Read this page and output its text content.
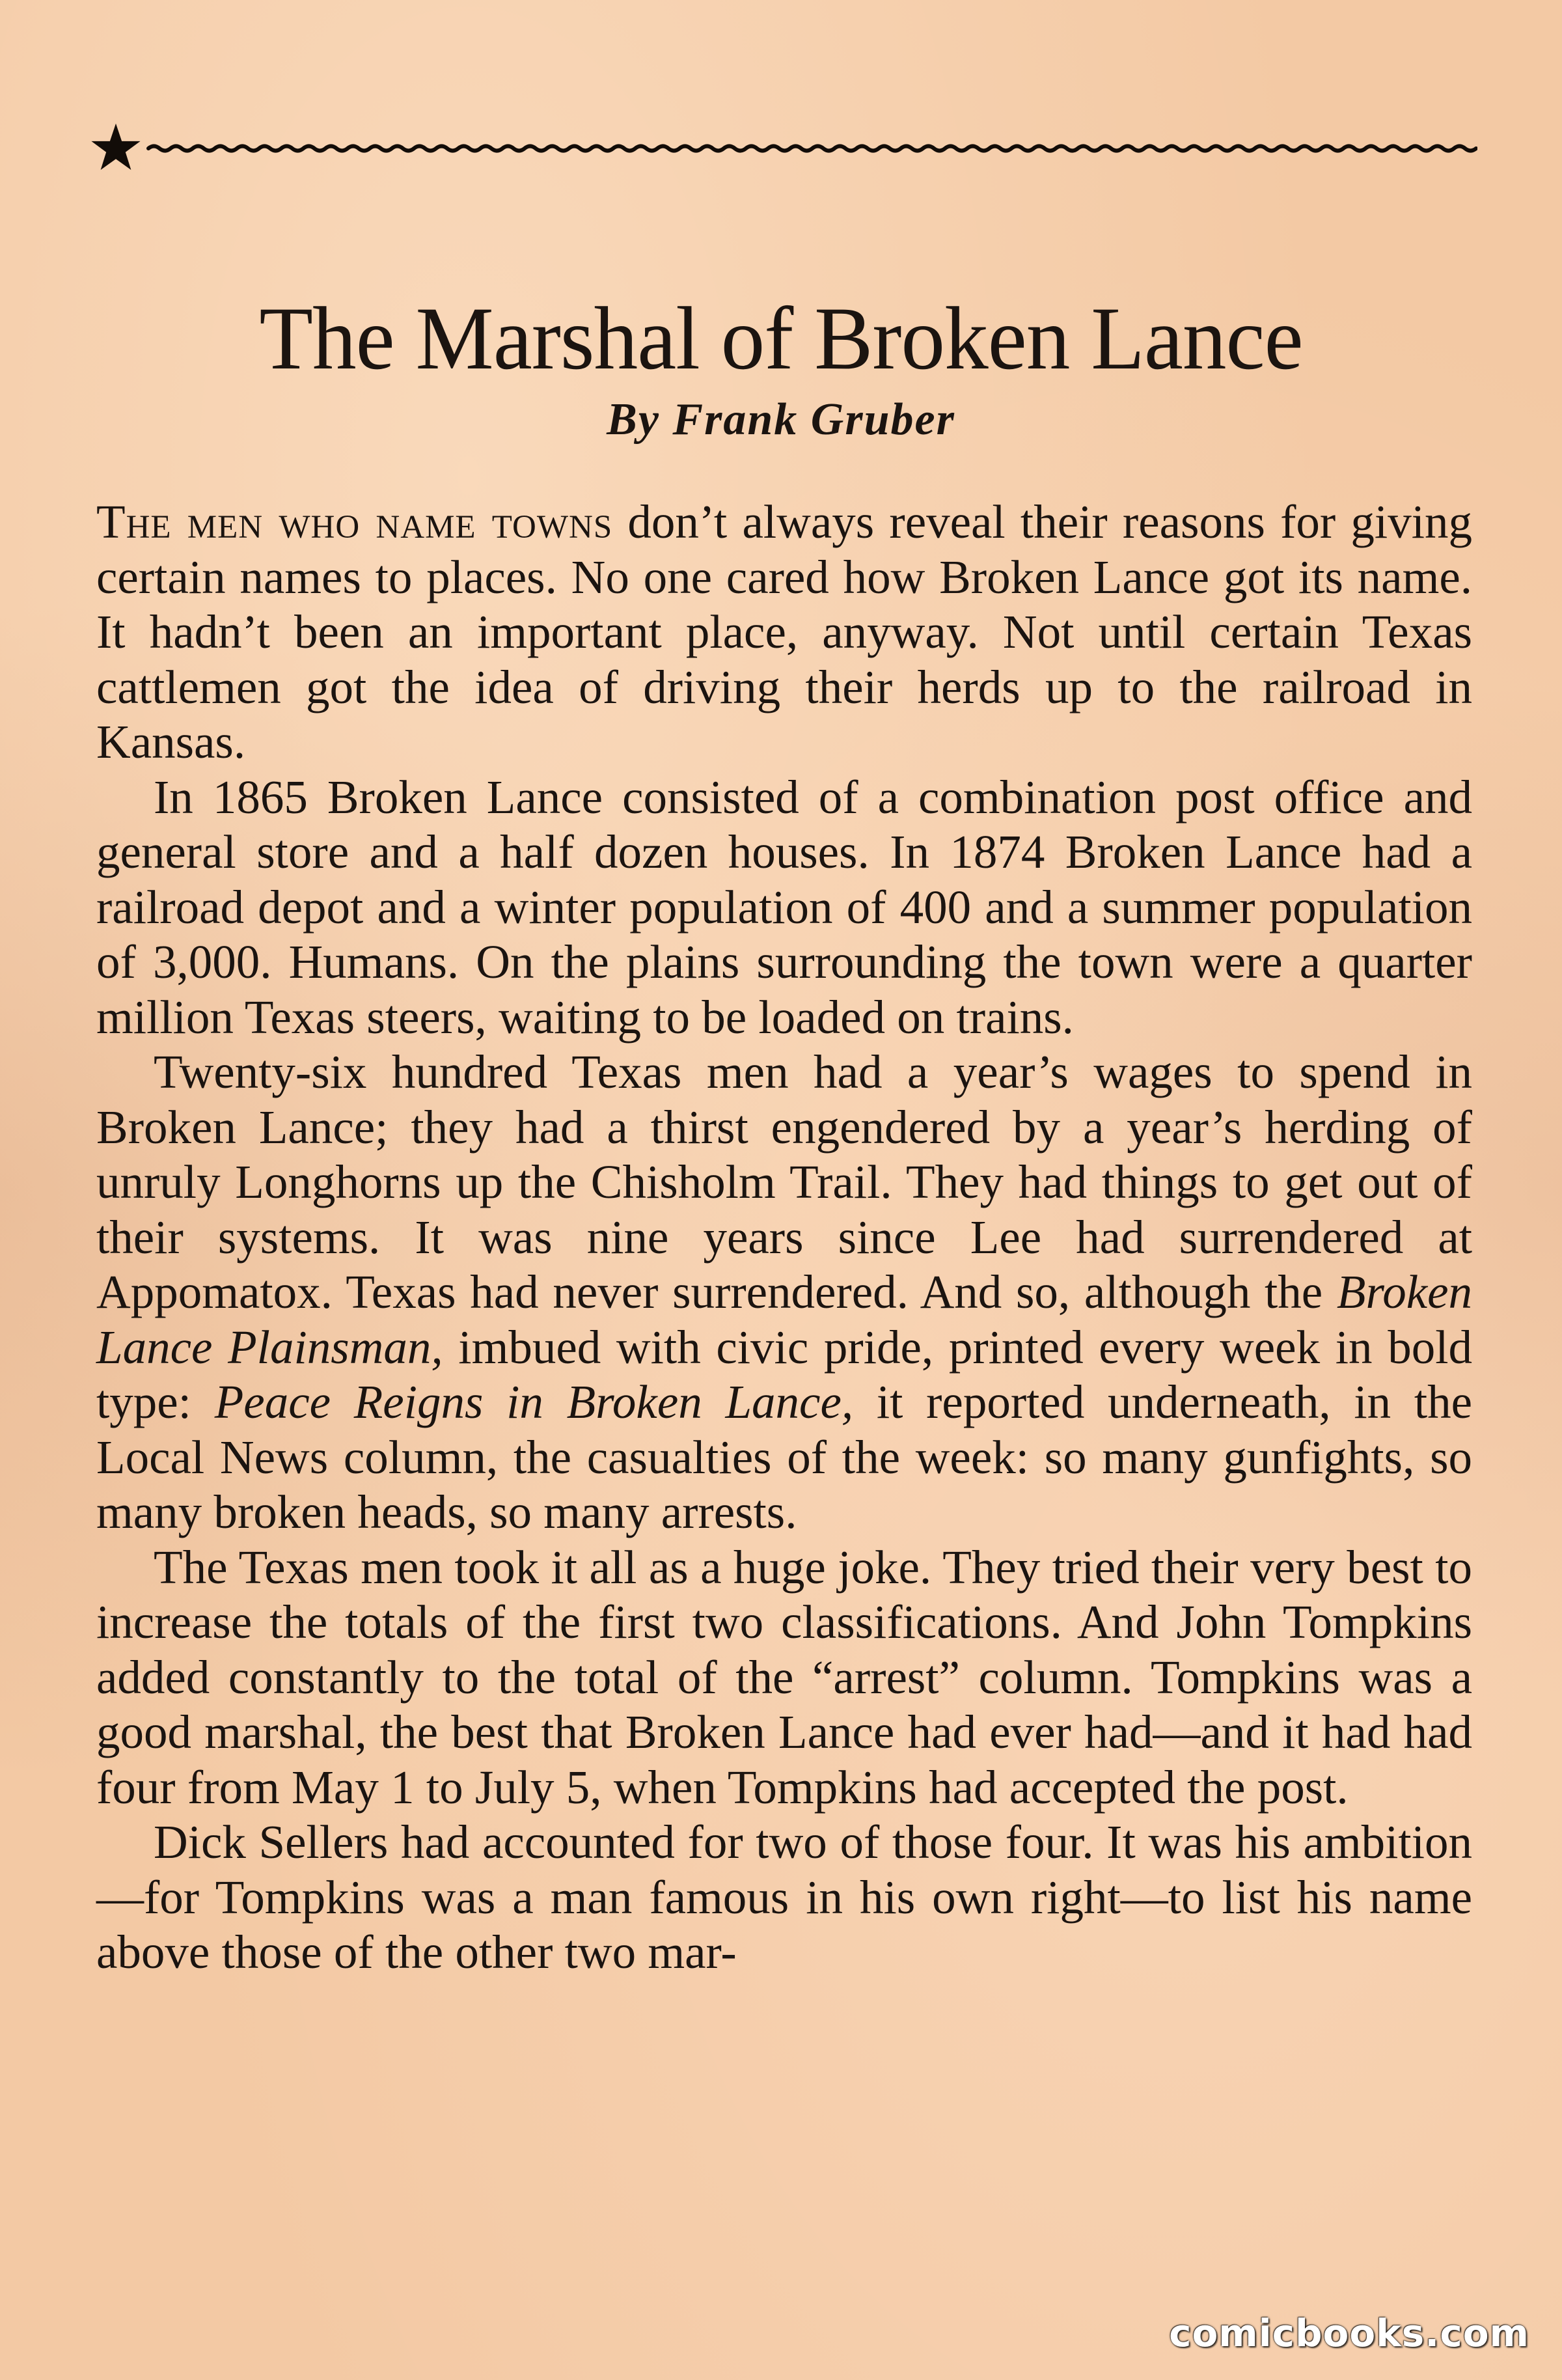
The Marshal of Broken Lance
By Frank Gruber

The men who name towns don’t always reveal their reasons for giving certain names to places. No one cared how Broken Lance got its name. It hadn’t been an important place, anyway. Not until certain Texas cattlemen got the idea of driving their herds up to the railroad in Kansas.

In 1865 Broken Lance consisted of a combination post office and general store and a half dozen houses. In 1874 Broken Lance had a railroad depot and a winter population of 400 and a summer population of 3,000. Humans. On the plains surrounding the town were a quarter million Texas steers, waiting to be loaded on trains.

Twenty-six hundred Texas men had a year’s wages to spend in Broken Lance; they had a thirst engendered by a year’s herding of unruly Longhorns up the Chisholm Trail. They had things to get out of their systems. It was nine years since Lee had surrendered at Appomatox. Texas had never surrendered. And so, although the Broken Lance Plainsman, imbued with civic pride, printed every week in bold type: Peace Reigns in Broken Lance, it reported underneath, in the Local News column, the casualties of the week: so many gunfights, so many broken heads, so many arrests.

The Texas men took it all as a huge joke. They tried their very best to increase the totals of the first two classifications. And John Tompkins added constantly to the total of the “arrest” column. Tompkins was a good marshal, the best that Broken Lance had ever had—and it had had four from May 1 to July 5, when Tompkins had accepted the post.

Dick Sellers had accounted for two of those four. It was his ambition—for Tompkins was a man famous in his own right—to list his name above those of the other two mar-

comicbooks.com
